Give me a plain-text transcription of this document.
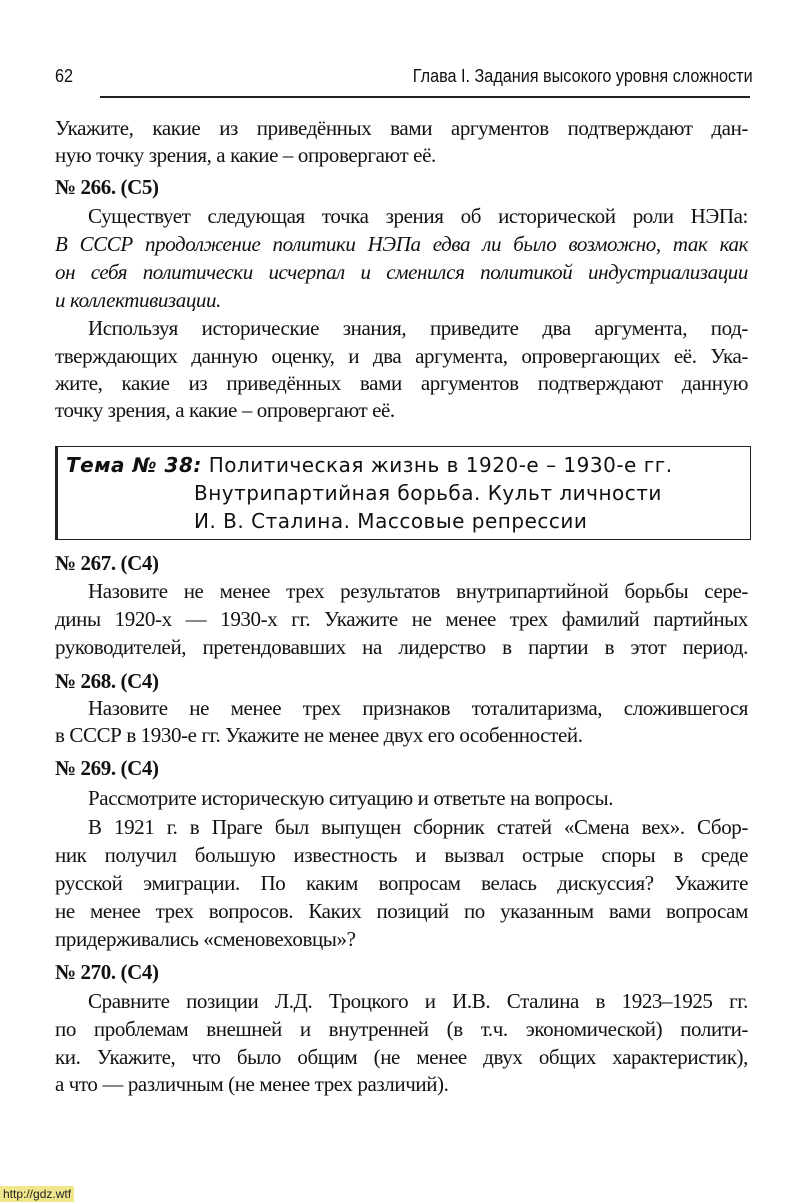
62	Глава I. Задания высокого уровня сложности
Укажите, какие из приведённых вами аргументов подтверждают дан-
ную точку зрения, а какие – опровергают её.
№ 266. (С5)
Существует следующая точка зрения об исторической роли НЭПа:
В СССР продолжение политики НЭПа едва ли было возможно, так как
он себя политически исчерпал и сменился политикой индустриализации
и коллективизации.
Используя исторические знания, приведите два аргумента, под-
тверждающих данную оценку, и два аргумента, опровергающих её. Ука-
жите, какие из приведённых вами аргументов подтверждают данную
точку зрения, а какие – опровергают её.
Тема № 38: Политическая жизнь в 1920-е – 1930-е гг.
Внутрипартийная борьба. Культ личности
И. В. Сталина. Массовые репрессии
№ 267. (С4)
Назовите не менее трех результатов внутрипартийной борьбы сере-
дины 1920-х — 1930-х гг. Укажите не менее трех фамилий партийных
руководителей, претендовавших на лидерство в партии в этот период.
№ 268. (С4)
Назовите не менее трех признаков тоталитаризма, сложившегося
в СССР в 1930-е гг. Укажите не менее двух его особенностей.
№ 269. (С4)
Рассмотрите историческую ситуацию и ответьте на вопросы.
В 1921 г. в Праге был выпущен сборник статей «Смена вех». Сбор-
ник получил большую известность и вызвал острые споры в среде
русской эмиграции. По каким вопросам велась дискуссия? Укажите
не менее трех вопросов. Каких позиций по указанным вами вопросам
придерживались «сменовеховцы»?
№ 270. (С4)
Сравните позиции Л.Д. Троцкого и И.В. Сталина в 1923–1925 гг.
по проблемам внешней и внутренней (в т.ч. экономической) полити-
ки. Укажите, что было общим (не менее двух общих характеристик),
а что — различным (не менее трех различий).
http://gdz.wtf
